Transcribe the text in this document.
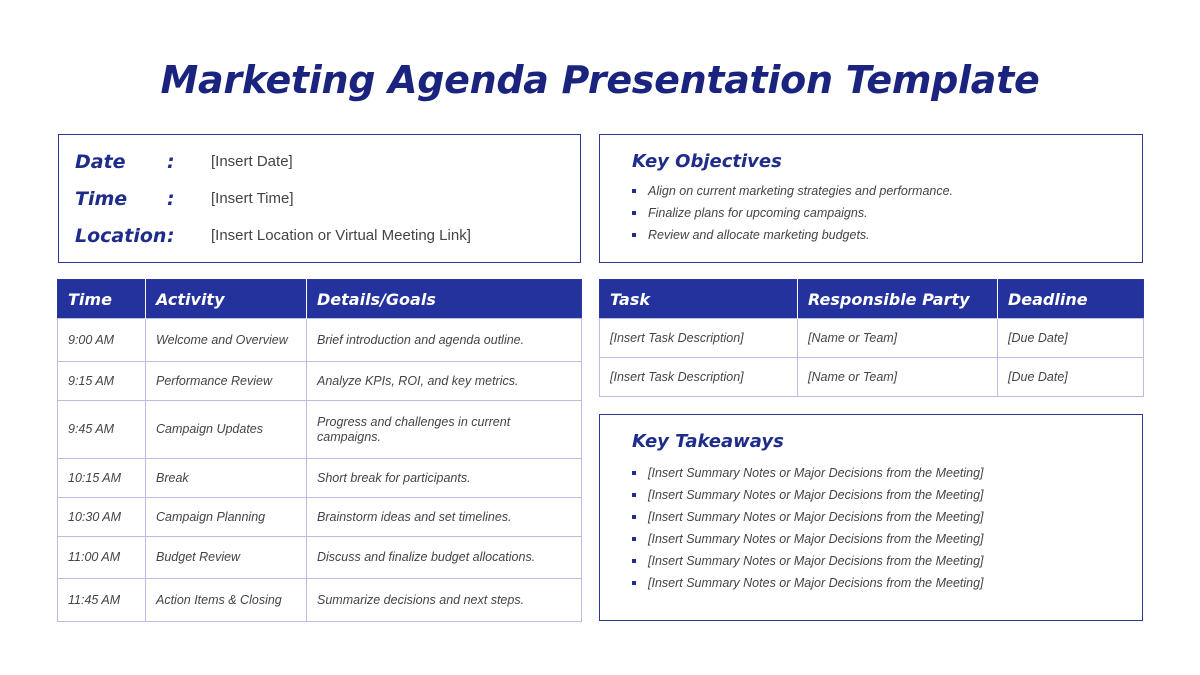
Marketing Agenda Presentation Template
Date : [Insert Date]
Time : [Insert Time]
Location : [Insert Location or Virtual Meeting Link]
Key Objectives
Align on current marketing strategies and performance.
Finalize plans for upcoming campaigns.
Review and allocate marketing budgets.
Time	Activity	Details/Goals
9:00 AM	Welcome and Overview	Brief introduction and agenda outline.
9:15 AM	Performance Review	Analyze KPIs, ROI, and key metrics.
9:45 AM	Campaign Updates	Progress and challenges in current campaigns.
10:15 AM	Break	Short break for participants.
10:30 AM	Campaign Planning	Brainstorm ideas and set timelines.
11:00 AM	Budget Review	Discuss and finalize budget allocations.
11:45 AM	Action Items & Closing	Summarize decisions and next steps.
Task	Responsible Party	Deadline
[Insert Task Description]	[Name or Team]	[Due Date]
[Insert Task Description]	[Name or Team]	[Due Date]
Key Takeaways
[Insert Summary Notes or Major Decisions from the Meeting]
[Insert Summary Notes or Major Decisions from the Meeting]
[Insert Summary Notes or Major Decisions from the Meeting]
[Insert Summary Notes or Major Decisions from the Meeting]
[Insert Summary Notes or Major Decisions from the Meeting]
[Insert Summary Notes or Major Decisions from the Meeting]
